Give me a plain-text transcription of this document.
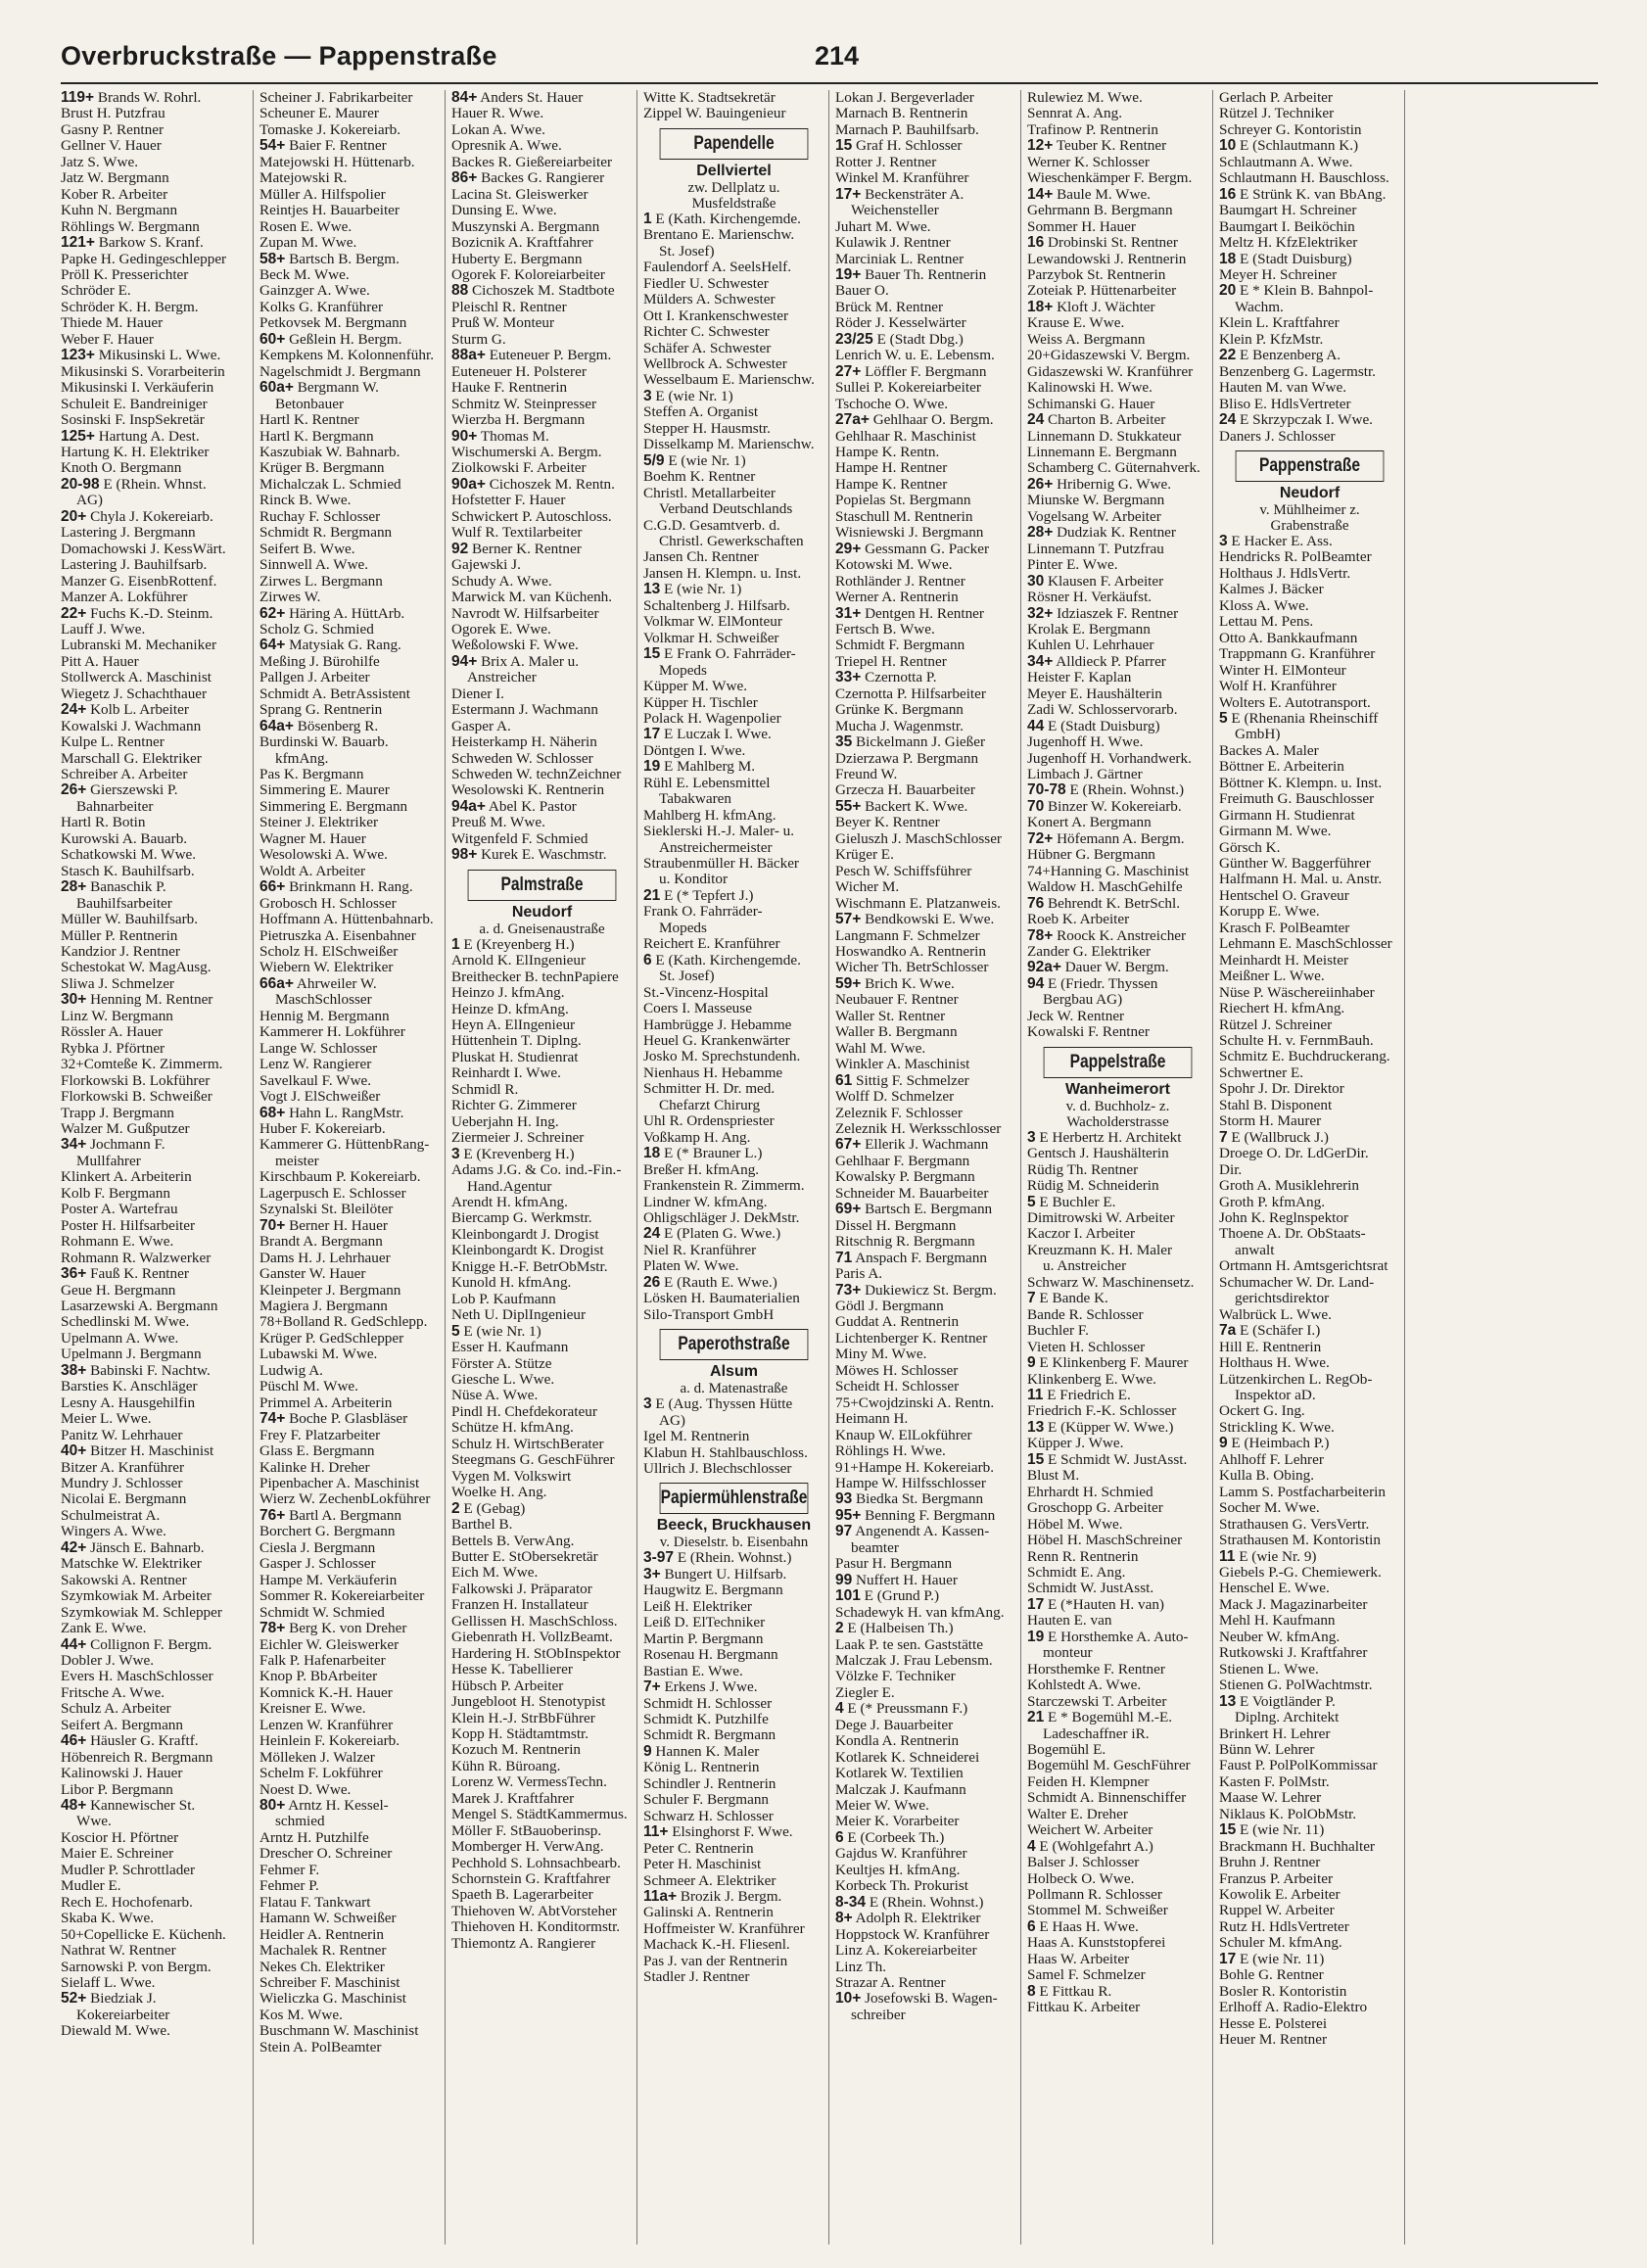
Overbruckstraße — Pappenstraße	214
119+ Brands W. Rohrl.
Brust H. Putzfrau
Gasny P. Rentner
Gellner V. Hauer
Jatz S. Wwe.
Jatz W. Bergmann
Kober R. Arbeiter
Kuhn N. Bergmann
Röhlings W. Bergmann
121+ Barkow S. Kranf.
Papke H. Gedingeschlepper
Pröll K. Presserichter
Schröder E.
Schröder K. H. Bergm.
Thiede M. Hauer
Weber F. Hauer
123+ Mikusinski L. Wwe.
Mikusinski S. Vorarbeiterin
Mikusinski I. Verkäuferin
Schuleit E. Bandreiniger
Sosinski F. InspSekretär
125+ Hartung A. Dest.
Hartung K. H. Elektriker
Knoth O. Bergmann
20-98 E (Rhein. Whnst.
AG)
20+ Chyla J. Kokereiarb.
Lastering J. Bergmann
Domachowski J. KessWärt.
Lastering J. Bauhilfsarb.
Manzer G. EisenbRottenf.
Manzer A. Lokführer
22+ Fuchs K.-D. Steinm.
Lauff J. Wwe.
Lubranski M. Mechaniker
Pitt A. Hauer
Stollwerck A. Maschinist
Wiegetz J. Schachthauer
24+ Kolb L. Arbeiter
Kowalski J. Wachmann
Kulpe L. Rentner
Marschall G. Elektriker
Schreiber A. Arbeiter
26+ Gierszewski P.
Bahnarbeiter
Hartl R. Botin
Kurowski A. Bauarb.
Schatkowski M. Wwe.
Stasch K. Bauhilfsarb.
28+ Banaschik P.
Bauhilfsarbeiter
Müller W. Bauhilfsarb.
Müller P. Rentnerin
Kandzior J. Rentner
Schestokat W. MagAusg.
Sliwa J. Schmelzer
30+ Henning M. Rentner
Linz W. Bergmann
Rössler A. Hauer
Rybka J. Pförtner
32+Comteße K. Zimmerm.
Florkowski B. Lokführer
Florkowski B. Schweißer
Trapp J. Bergmann
Walzer M. Gußputzer
34+ Jochmann F.
Mullfahrer
Klinkert A. Arbeiterin
Kolb F. Bergmann
Poster A. Wartefrau
Poster H. Hilfsarbeiter
Rohmann E. Wwe.
Rohmann R. Walzwerker
36+ Fauß K. Rentner
Geue H. Bergmann
Lasarzewski A. Bergmann
Schedlinski M. Wwe.
Upelmann A. Wwe.
Upelmann J. Bergmann
38+ Babinski F. Nachtw.
Barsties K. Anschläger
Lesny A. Hausgehilfin
Meier L. Wwe.
Panitz W. Lehrhauer
40+ Bitzer H. Maschinist
Bitzer A. Kranführer
Mundry J. Schlosser
Nicolai E. Bergmann
Schulmeistrat A.
Wingers A. Wwe.
42+ Jänsch E. Bahnarb.
Matschke W. Elektriker
Sakowski A. Rentner
Szymkowiak M. Arbeiter
Szymkowiak M. Schlepper
Zank E. Wwe.
44+ Collignon F. Bergm.
Dobler J. Wwe.
Evers H. MaschSchlosser
Fritsche A. Wwe.
Schulz A. Arbeiter
Seifert A. Bergmann
46+ Häusler G. Kraftf.
Höbenreich R. Bergmann
Kalinowski J. Hauer
Libor P. Bergmann
48+ Kannewischer St.
Wwe.
Koscior H. Pförtner
Maier E. Schreiner
Mudler P. Schrottlader
Mudler E.
Rech E. Hochofenarb.
Skaba K. Wwe.
50+Copellicke E. Küchenh.
Nathrat W. Rentner
Sarnowski P. von Bergm.
Sielaff L. Wwe.
52+ Biedziak J.
Kokereiarbeiter
Diewald M. Wwe.
Scheiner J. Fabrikarbeiter
Scheuner E. Maurer
Tomaske J. Kokereiarb.
54+ Baier F. Rentner
Matejowski H. Hüttenarb.
Matejowski R.
Müller A. Hilfspolier
Reintjes H. Bauarbeiter
Rosen E. Wwe.
Zupan M. Wwe.
58+ Bartsch B. Bergm.
Beck M. Wwe.
Gainzger A. Wwe.
Kolks G. Kranführer
Petkovsek M. Bergmann
60+ Geßlein H. Bergm.
Kempkens M. Kolonnenführ.
Nagelschmidt J. Bergmann
60a+ Bergmann W.
Betonbauer
Hartl K. Rentner
Hartl K. Bergmann
Kaszubiak W. Bahnarb.
Krüger B. Bergmann
Michalczak L. Schmied
Rinck B. Wwe.
Ruchay F. Schlosser
Schmidt R. Bergmann
Seifert B. Wwe.
Sinnwell A. Wwe.
Zirwes L. Bergmann
Zirwes W.
62+ Häring A. HüttArb.
Scholz G. Schmied
64+ Matysiak G. Rang.
Meßing J. Bürohilfe
Pallgen J. Arbeiter
Schmidt A. BetrAssistent
Sprang G. Rentnerin
64a+ Bösenberg R.
Burdinski W. Bauarb.
kfmAng.
Pas K. Bergmann
Simmering E. Maurer
Simmering E. Bergmann
Steiner J. Elektriker
Wagner M. Hauer
Wesolowski A. Wwe.
Woldt A. Arbeiter
66+ Brinkmann H. Rang.
Grobosch H. Schlosser
Hoffmann A. Hüttenbahnarb.
Pietruszka A. Eisenbahner
Scholz H. ElSchweißer
Wiebern W. Elektriker
66a+ Ahrweiler W.
MaschSchlosser
Hennig M. Bergmann
Kammerer H. Lokführer
Lange W. Schlosser
Lenz W. Rangierer
Savelkaul F. Wwe.
Vogt J. ElSchweißer
68+ Hahn L. RangMstr.
Huber F. Kokereiarb.
Kammerer G. HüttenbRang-
meister
Kirschbaum P. Kokereiarb.
Lagerpusch E. Schlosser
Szynalski St. Bleilöter
70+ Berner H. Hauer
Brandt A. Bergmann
Dams H. J. Lehrhauer
Ganster W. Hauer
Kleinpeter J. Bergmann
Magiera J. Bergmann
78+Bolland R. GedSchlepp.
Krüger P. GedSchlepper
Lubawski M. Wwe.
Ludwig A.
Püschl M. Wwe.
Primmel A. Arbeiterin
74+ Boche P. Glasbläser
Frey F. Platzarbeiter
Glass E. Bergmann
Kalinke H. Dreher
Pipenbacher A. Maschinist
Wierz W. ZechenbLokführer
76+ Bartl A. Bergmann
Borchert G. Bergmann
Ciesla J. Bergmann
Gasper J. Schlosser
Hampe M. Verkäuferin
Sommer R. Kokereiarbeiter
Schmidt W. Schmied
78+ Berg K. von Dreher
Eichler W. Gleiswerker
Falk P. Hafenarbeiter
Knop P. BbArbeiter
Komnick K.-H. Hauer
Kreisner E. Wwe.
Lenzen W. Kranführer
Heinlein F. Kokereiarb.
Mölleken J. Walzer
Schelm F. Lokführer
Noest D. Wwe.
80+ Arntz H. Kessel-
schmied
Arntz H. Putzhilfe
Drescher O. Schreiner
Fehmer F.
Fehmer P.
Flatau F. Tankwart
Hamann W. Schweißer
Heidler A. Rentnerin
Machalek R. Rentner
Nekes Ch. Elektriker
Schreiber F. Maschinist
Wieliczka G. Maschinist
Kos M. Wwe.
Buschmann W. Maschinist
Stein A. PolBeamter
84+ Anders St. Hauer
Hauer R. Wwe.
Lokan A. Wwe.
Opresnik A. Wwe.
Backes R. Gießereiarbeiter
86+ Backes G. Rangierer
Lacina St. Gleiswerker
Dunsing E. Wwe.
Muszynski A. Bergmann
Bozicnik A. Kraftfahrer
Huberty E. Bergmann
Ogorek F. Koloreiarbeiter
88 Cichoszek M. Stadtbote
Pleischl R. Rentner
Pruß W. Monteur
Sturm G.
88a+ Euteneuer P. Bergm.
Euteneuer H. Polsterer
Hauke F. Rentnerin
Schmitz W. Steinpresser
Wierzba H. Bergmann
90+ Thomas M.
Wischumerski A. Bergm.
Ziolkowski F. Arbeiter
90a+ Cichoszek M. Rentn.
Hofstetter F. Hauer
Schwickert P. Autoschloss.
Wulf R. Textilarbeiter
92 Berner K. Rentner
Gajewski J.
Schudy A. Wwe.
Marwick M. van Küchenh.
Navrodt W. Hilfsarbeiter
Ogorek E. Wwe.
Weßolowski F. Wwe.
94+ Brix A. Maler u.
Anstreicher
Diener I.
Estermann J. Wachmann
Gasper A.
Heisterkamp H. Näherin
Schweden W. Schlosser
Schweden W. technZeichner
Wesolowski K. Rentnerin
94a+ Abel K. Pastor
Preuß M. Wwe.
Witgenfeld F. Schmied
98+ Kurek E. Waschmstr.
Palmstraße
Neudorf
a. d. Gneisenaustraße
1 E (Kreyenberg H.)
Arnold K. ElIngenieur
Breithecker B. technPapiere
Heinzo J. kfmAng.
Heinze D. kfmAng.
Heyn A. ElIngenieur
Hüttenhein T. Diplng.
Pluskat H. Studienrat
Reinhardt I. Wwe.
Schmidl R.
Richter G. Zimmerer
Ueberjahn H. Ing.
Ziermeier J. Schreiner
3 E (Krevenberg H.)
Adams J.G. & Co. ind.-Fin.-
Hand.Agentur
Arendt H. kfmAng.
Biercamp G. Werkmstr.
Kleinbongardt J. Drogist
Kleinbongardt K. Drogist
Knigge H.-F. BetrObMstr.
Kunold H. kfmAng.
Lob P. Kaufmann
Neth U. DiplIngenieur
5 E (wie Nr. 1)
Esser H. Kaufmann
Förster A. Stütze
Giesche L. Wwe.
Nüse A. Wwe.
Pindl H. Chefdekorateur
Schütze H. kfmAng.
Schulz H. WirtschBerater
Steegmans G. GeschFührer
Vygen M. Volkswirt
Woelke H. Ang.
2 E (Gebag)
Barthel B.
Bettels B. VerwAng.
Butter E. StObersekretär
Eich M. Wwe.
Falkowski J. Präparator
Franzen H. Installateur
Gellissen H. MaschSchloss.
Giebenrath H. VollzBeamt.
Hardering H. StObInspektor
Hesse K. Tabellierer
Hübsch P. Arbeiter
Jungebloot H. Stenotypist
Klein H.-J. StrBbFührer
Kopp H. Städtamtmstr.
Kozuch M. Rentnerin
Kühn R. Büroang.
Lorenz W. VermessTechn.
Marek J. Kraftfahrer
Mengel S. StädtKammermus.
Möller F. StBauoberinsp.
Momberger H. VerwAng.
Pechhold S. Lohnsachbearb.
Schornstein G. Kraftfahrer
Spaeth B. Lagerarbeiter
Thiehoven W. AbtVorsteher
Thiehoven H. Konditormstr.
Thiemontz A. Rangierer
Witte K. Stadtsekretär
Zippel W. Bauingenieur
Papendelle
Dellviertel
zw. Dellplatz u.
Musfeldstraße
1 E (Kath. Kirchengemde.
Brentano E. Marienschw.
St. Josef)
Faulendorf A. SeelsHelf.
Fiedler U. Schwester
Mülders A. Schwester
Ott I. Krankenschwester
Richter C. Schwester
Schäfer A. Schwester
Wellbrock A. Schwester
Wesselbaum E. Marienschw.
3 E (wie Nr. 1)
Steffen A. Organist
Stepper H. Hausmstr.
Disselkamp M. Marienschw.
5/9 E (wie Nr. 1)
Boehm K. Rentner
Christl. Metallarbeiter
Verband Deutschlands
C.G.D. Gesamtverb. d.
Christl. Gewerkschaften
Jansen Ch. Rentner
Jansen H. Klempn. u. Inst.
13 E (wie Nr. 1)
Schaltenberg J. Hilfsarb.
Volkmar W. ElMonteur
Volkmar H. Schweißer
15 E Frank O. Fahrräder-
Mopeds
Küpper M. Wwe.
Küpper H. Tischler
Polack H. Wagenpolier
17 E Luczak I. Wwe.
Döntgen I. Wwe.
19 E Mahlberg M.
Rühl E. Lebensmittel
Tabakwaren
Mahlberg H. kfmAng.
Sieklerski H.-J. Maler- u.
Anstreichermeister
Straubenmüller H. Bäcker
u. Konditor
21 E (* Tepfert J.)
Frank O. Fahrräder-
Mopeds
Reichert E. Kranführer
6 E (Kath. Kirchengemde.
St. Josef)
St.-Vincenz-Hospital
Coers I. Masseuse
Hambrügge J. Hebamme
Heuel G. Krankenwärter
Josko M. Sprechstundenh.
Nienhaus H. Hebamme
Schmitter H. Dr. med.
Chefarzt Chirurg
Uhl R. Ordenspriester
Voßkamp H. Ang.
18 E (* Brauner L.)
Breßer H. kfmAng.
Frankenstein R. Zimmerm.
Lindner W. kfmAng.
Ohligschläger J. DekMstr.
24 E (Platen G. Wwe.)
Niel R. Kranführer
Platen W. Wwe.
26 E (Rauth E. Wwe.)
Lösken H. Baumaterialien
Silo-Transport GmbH
Paperothstraße
Alsum
a. d. Matenastraße
3 E (Aug. Thyssen Hütte
AG)
Igel M. Rentnerin
Klabun H. Stahlbauschloss.
Ullrich J. Blechschlosser
Papiermühlenstraße
Beeck, Bruckhausen
v. Dieselstr. b. Eisenbahn
3-97 E (Rhein. Wohnst.)
3+ Bungert U. Hilfsarb.
Haugwitz E. Bergmann
Leiß H. Elektriker
Leiß D. ElTechniker
Martin P. Bergmann
Rosenau H. Bergmann
Bastian E. Wwe.
7+ Erkens J. Wwe.
Schmidt H. Schlosser
Schmidt K. Putzhilfe
Schmidt R. Bergmann
9 Hannen K. Maler
König L. Rentnerin
Schindler J. Rentnerin
Schuler F. Bergmann
Schwarz H. Schlosser
11+ Elsinghorst F. Wwe.
Peter C. Rentnerin
Peter H. Maschinist
Schmeer A. Elektriker
11a+ Brozik J. Bergm.
Galinski A. Rentnerin
Hoffmeister W. Kranführer
Machack K.-H. Fliesenl.
Pas J. van der Rentnerin
Stadler J. Rentner
Lokan J. Bergeverlader
Marnach B. Rentnerin
Marnach P. Bauhilfsarb.
15 Graf H. Schlosser
Rotter J. Rentner
Winkel M. Kranführer
17+ Beckensträter A.
Weichensteller
Juhart M. Wwe.
Kulawik J. Rentner
Marciniak L. Rentner
19+ Bauer Th. Rentnerin
Bauer O.
Brück M. Rentner
Röder J. Kesselwärter
23/25 E (Stadt Dbg.)
Lenrich W. u. E. Lebensm.
27+ Löffler F. Bergmann
Sullei P. Kokereiarbeiter
Tschoche O. Wwe.
27a+ Gehlhaar O. Bergm.
Gehlhaar R. Maschinist
Hampe K. Rentn.
Hampe H. Rentner
Hampe K. Rentner
Popielas St. Bergmann
Staschull M. Rentnerin
Wisniewski J. Bergmann
29+ Gessmann G. Packer
Kotowski M. Wwe.
Rothländer J. Rentner
Werner A. Rentnerin
31+ Dentgen H. Rentner
Fertsch B. Wwe.
Schmidt F. Bergmann
Triepel H. Rentner
33+ Czernotta P.
Czernotta P. Hilfsarbeiter
Grünke K. Bergmann
Mucha J. Wagenmstr.
35 Bickelmann J. Gießer
Dzierzawa P. Bergmann
Freund W.
Grzecza H. Bauarbeiter
55+ Backert K. Wwe.
Beyer K. Rentner
Gieluszh J. MaschSchlosser
Krüger E.
Pesch W. Schiffsführer
Wicher M.
Wischmann E. Platzanweis.
57+ Bendkowski E. Wwe.
Langmann F. Schmelzer
Hoswandko A. Rentnerin
Wicher Th. BetrSchlosser
59+ Brich K. Wwe.
Neubauer F. Rentner
Waller St. Rentner
Waller B. Bergmann
Wahl M. Wwe.
Winkler A. Maschinist
61 Sittig F. Schmelzer
Wolff D. Schmelzer
Zeleznik F. Schlosser
Zeleznik H. Werksschlosser
67+ Ellerik J. Wachmann
Gehlhaar F. Bergmann
Kowalsky P. Bergmann
Schneider M. Bauarbeiter
69+ Bartsch E. Bergmann
Dissel H. Bergmann
Ritschnig R. Bergmann
71 Anspach F. Bergmann
Paris A.
73+ Dukiewicz St. Bergm.
Gödl J. Bergmann
Guddat A. Rentnerin
Lichtenberger K. Rentner
Miny M. Wwe.
Möwes H. Schlosser
Scheidt H. Schlosser
75+Cwojdzinski A. Rentn.
Heimann H.
Knaup W. ElLokführer
Röhlings H. Wwe.
91+Hampe H. Kokereiarb.
Hampe W. Hilfsschlosser
93 Biedka St. Bergmann
95+ Benning F. Bergmann
97 Angenendt A. Kassen-
beamter
Pasur H. Bergmann
99 Nuffert H. Hauer
101 E (Grund P.)
Schadewyk H. van kfmAng.
2 E (Halbeisen Th.)
Laak P. te sen. Gaststätte
Malczak J. Frau Lebensm.
Völzke F. Techniker
Ziegler E.
4 E (* Preussmann F.)
Dege J. Bauarbeiter
Kondla A. Rentnerin
Kotlarek K. Schneiderei
Kotlarek W. Textilien
Malczak J. Kaufmann
Meier W. Wwe.
Meier K. Vorarbeiter
6 E (Corbeek Th.)
Gajdus W. Kranführer
Keultjes H. kfmAng.
Korbeck Th. Prokurist
8-34 E (Rhein. Wohnst.)
8+ Adolph R. Elektriker
Hoppstock W. Kranführer
Linz A. Kokereiarbeiter
Linz Th.
Strazar A. Rentner
10+ Josefowski B. Wagen-
schreiber
Rulewiez M. Wwe.
Sennrat A. Ang.
Trafinow P. Rentnerin
12+ Teuber K. Rentner
Werner K. Schlosser
Wieschenkämper F. Bergm.
14+ Baule M. Wwe.
Gehrmann B. Bergmann
Sommer H. Hauer
16 Drobinski St. Rentner
Lewandowski J. Rentnerin
Parzybok St. Rentnerin
Zoteiak P. Hüttenarbeiter
18+ Kloft J. Wächter
Krause E. Wwe.
Weiss A. Bergmann
20+Gidaszewski V. Bergm.
Gidaszewski W. Kranführer
Kalinowski H. Wwe.
Schimanski G. Hauer
24 Charton B. Arbeiter
Linnemann D. Stukkateur
Linnemann E. Bergmann
Schamberg C. Güternahverk.
26+ Hribernig G. Wwe.
Miunske W. Bergmann
Vogelsang W. Arbeiter
28+ Dudziak K. Rentner
Linnemann T. Putzfrau
Pinter E. Wwe.
30 Klausen F. Arbeiter
Rösner H. Verkäufst.
32+ Idziaszek F. Rentner
Krolak E. Bergmann
Kuhlen U. Lehrhauer
34+ Alldieck P. Pfarrer
Heister F. Kaplan
Meyer E. Haushälterin
Zadi W. Schlosservorarb.
44 E (Stadt Duisburg)
Jugenhoff H. Wwe.
Jugenhoff H. Vorhandwerk.
Limbach J. Gärtner
70-78 E (Rhein. Wohnst.)
70 Binzer W. Kokereiarb.
Konert A. Bergmann
72+ Höfemann A. Bergm.
Hübner G. Bergmann
74+Hanning G. Maschinist
Waldow H. MaschGehilfe
76 Behrendt K. BetrSchl.
Roeb K. Arbeiter
78+ Roock K. Anstreicher
Zander G. Elektriker
92a+ Dauer W. Bergm.
94 E (Friedr. Thyssen
Bergbau AG)
Jeck W. Rentner
Kowalski F. Rentner
Pappelstraße
Wanheimerort
v. d. Buchholz- z.
Wacholderstrasse
3 E Herbertz H. Architekt
Gentsch J. Haushälterin
Rüdig Th. Rentner
Rüdig M. Schneiderin
5 E Buchler E.
Dimitrowski W. Arbeiter
Kaczor I. Arbeiter
Kreuzmann K. H. Maler
u. Anstreicher
Schwarz W. Maschinensetz.
7 E Bande K.
Bande R. Schlosser
Buchler F.
Vieten H. Schlosser
9 E Klinkenberg F. Maurer
Klinkenberg E. Wwe.
11 E Friedrich E.
Friedrich F.-K. Schlosser
13 E (Küpper W. Wwe.)
Küpper J. Wwe.
15 E Schmidt W. JustAsst.
Blust M.
Ehrhardt H. Schmied
Groschopp G. Arbeiter
Höbel M. Wwe.
Höbel H. MaschSchreiner
Renn R. Rentnerin
Schmidt E. Ang.
Schmidt W. JustAsst.
17 E (*Hauten H. van)
Hauten E. van
19 E Horsthemke A. Auto-
monteur
Horsthemke F. Rentner
Kohlstedt A. Wwe.
Starczewski T. Arbeiter
21 E * Bogemühl M.-E.
Ladeschaffner iR.
Bogemühl E.
Bogemühl M. GeschFührer
Feiden H. Klempner
Schmidt A. Binnenschiffer
Walter E. Dreher
Weichert W. Arbeiter
4 E (Wohlgefahrt A.)
Balser J. Schlosser
Holbeck O. Wwe.
Pollmann R. Schlosser
Stommel M. Schweißer
6 E Haas H. Wwe.
Haas A. Kunststopferei
Haas W. Arbeiter
Samel F. Schmelzer
8 E Fittkau R.
Fittkau K. Arbeiter
Gerlach P. Arbeiter
Rützel J. Techniker
Schreyer G. Kontoristin
10 E (Schlautmann K.)
Schlautmann A. Wwe.
Schlautmann H. Bauschloss.
16 E Strünk K. van BbAng.
Baumgart H. Schreiner
Baumgart I. Beiköchin
Meltz H. KfzElektriker
18 E (Stadt Duisburg)
Meyer H. Schreiner
20 E * Klein B. Bahnpol-
Wachm.
Klein L. Kraftfahrer
Klein P. KfzMstr.
22 E Benzenberg A.
Benzenberg G. Lagermstr.
Hauten M. van Wwe.
Bliso E. HdlsVertreter
24 E Skrzypczak I. Wwe.
Daners J. Schlosser
Pappenstraße
Neudorf
v. Mühlheimer z.
Grabenstraße
3 E Hacker E. Ass.
Hendricks R. PolBeamter
Holthaus J. HdlsVertr.
Kalmes J. Bäcker
Kloss A. Wwe.
Lettau M. Pens.
Otto A. Bankkaufmann
Trappmann G. Kranführer
Winter H. ElMonteur
Wolf H. Kranführer
Wolters E. Autotransport.
5 E (Rhenania Rheinschiff
GmbH)
Backes A. Maler
Böttner E. Arbeiterin
Böttner K. Klempn. u. Inst.
Freimuth G. Bauschlosser
Girmann H. Studienrat
Girmann M. Wwe.
Görsch K.
Günther W. Baggerführer
Halfmann H. Mal. u. Anstr.
Hentschel O. Graveur
Korupp E. Wwe.
Krasch F. PolBeamter
Lehmann E. MaschSchlosser
Meinhardt H. Meister
Meißner L. Wwe.
Nüse P. Wäschereiinhaber
Riechert H. kfmAng.
Rützel J. Schreiner
Schulte H. v. FernmBauh.
Schmitz E. Buchdruckerang.
Schwertner E.
Spohr J. Dr. Direktor
Stahl B. Disponent
Storm H. Maurer
7 E (Wallbruck J.)
Droege O. Dr. LdGerDir.
Dir.
Groth A. Musiklehrerin
Groth P. kfmAng.
John K. Reglnspektor
Thoene A. Dr. ObStaats-
anwalt
Ortmann H. Amtsgerichtsrat
Schumacher W. Dr. Land-
gerichtsdirektor
Walbrück L. Wwe.
7a E (Schäfer I.)
Hill E. Rentnerin
Holthaus H. Wwe.
Lützenkirchen L. RegOb-
Inspektor aD.
Ockert G. Ing.
Strickling K. Wwe.
9 E (Heimbach P.)
Ahlhoff F. Lehrer
Kulla B. Obing.
Lamm S. Postfacharbeiterin
Socher M. Wwe.
Strathausen G. VersVertr.
Strathausen M. Kontoristin
11 E (wie Nr. 9)
Giebels P.-G. Chemiewerk.
Henschel E. Wwe.
Mack J. Magazinarbeiter
Mehl H. Kaufmann
Neuber W. kfmAng.
Rutkowski J. Kraftfahrer
Stienen L. Wwe.
Stienen G. PolWachtmstr.
13 E Voigtländer P.
Diplng. Architekt
Brinkert H. Lehrer
Bünn W. Lehrer
Faust P. PolPolKommissar
Kasten F. PolMstr.
Maase W. Lehrer
Niklaus K. PolObMstr.
15 E (wie Nr. 11)
Brackmann H. Buchhalter
Bruhn J. Rentner
Franzus P. Arbeiter
Kowolik E. Arbeiter
Ruppel W. Arbeiter
Rutz H. HdlsVertreter
Schuler M. kfmAng.
17 E (wie Nr. 11)
Bohle G. Rentner
Bosler R. Kontoristin
Erlhoff A. Radio-Elektro
Hesse E. Polsterei
Heuer M. Rentner
